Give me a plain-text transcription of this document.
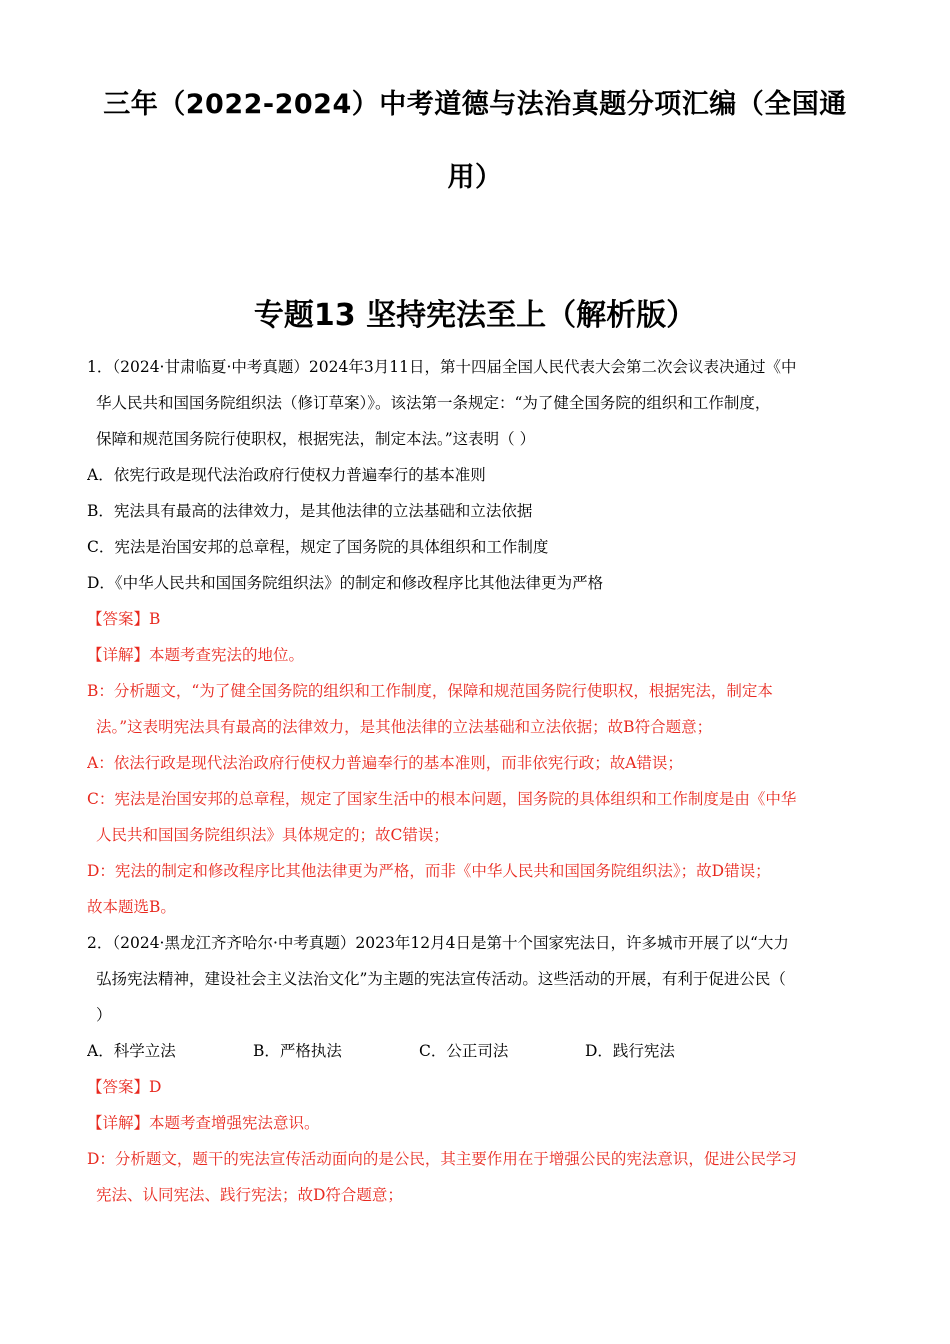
三年（2022-2024）中考道德与法治真题分项汇编（全国通
用）
专题13 坚持宪法至上（解析版）
1．（2024·甘肃临夏·中考真题）2024年3月11日，第十四届全国人民代表大会第二次会议表决通过《中
华人民共和国国务院组织法（修订草案）》。该法第一条规定：“为了健全国务院的组织和工作制度，
保障和规范国务院行使职权，根据宪法，制定本法。”这表明（ ）
A．依宪行政是现代法治政府行使权力普遍奉行的基本准则
B．宪法具有最高的法律效力，是其他法律的立法基础和立法依据
C．宪法是治国安邦的总章程，规定了国务院的具体组织和工作制度
D．《中华人民共和国国务院组织法》的制定和修改程序比其他法律更为严格
【答案】B
【详解】本题考查宪法的地位。
B：分析题文，“为了健全国务院的组织和工作制度，保障和规范国务院行使职权，根据宪法，制定本
法。”这表明宪法具有最高的法律效力，是其他法律的立法基础和立法依据；故B符合题意；
A：依法行政是现代法治政府行使权力普遍奉行的基本准则，而非依宪行政；故A错误；
C：宪法是治国安邦的总章程，规定了国家生活中的根本问题，国务院的具体组织和工作制度是由《中华
人民共和国国务院组织法》具体规定的；故C错误；
D：宪法的制定和修改程序比其他法律更为严格，而非《中华人民共和国国务院组织法》；故D错误；
故本题选B。
2．（2024·黑龙江齐齐哈尔·中考真题）2023年12月4日是第十个国家宪法日，许多城市开展了以“大力
弘扬宪法精神，建设社会主义法治文化”为主题的宪法宣传活动。这些活动的开展，有利于促进公民（
）
A．科学立法	B．严格执法	C．公正司法	D．践行宪法
【答案】D
【详解】本题考查增强宪法意识。
D：分析题文，题干的宪法宣传活动面向的是公民，其主要作用在于增强公民的宪法意识，促进公民学习
宪法、认同宪法、践行宪法；故D符合题意；
